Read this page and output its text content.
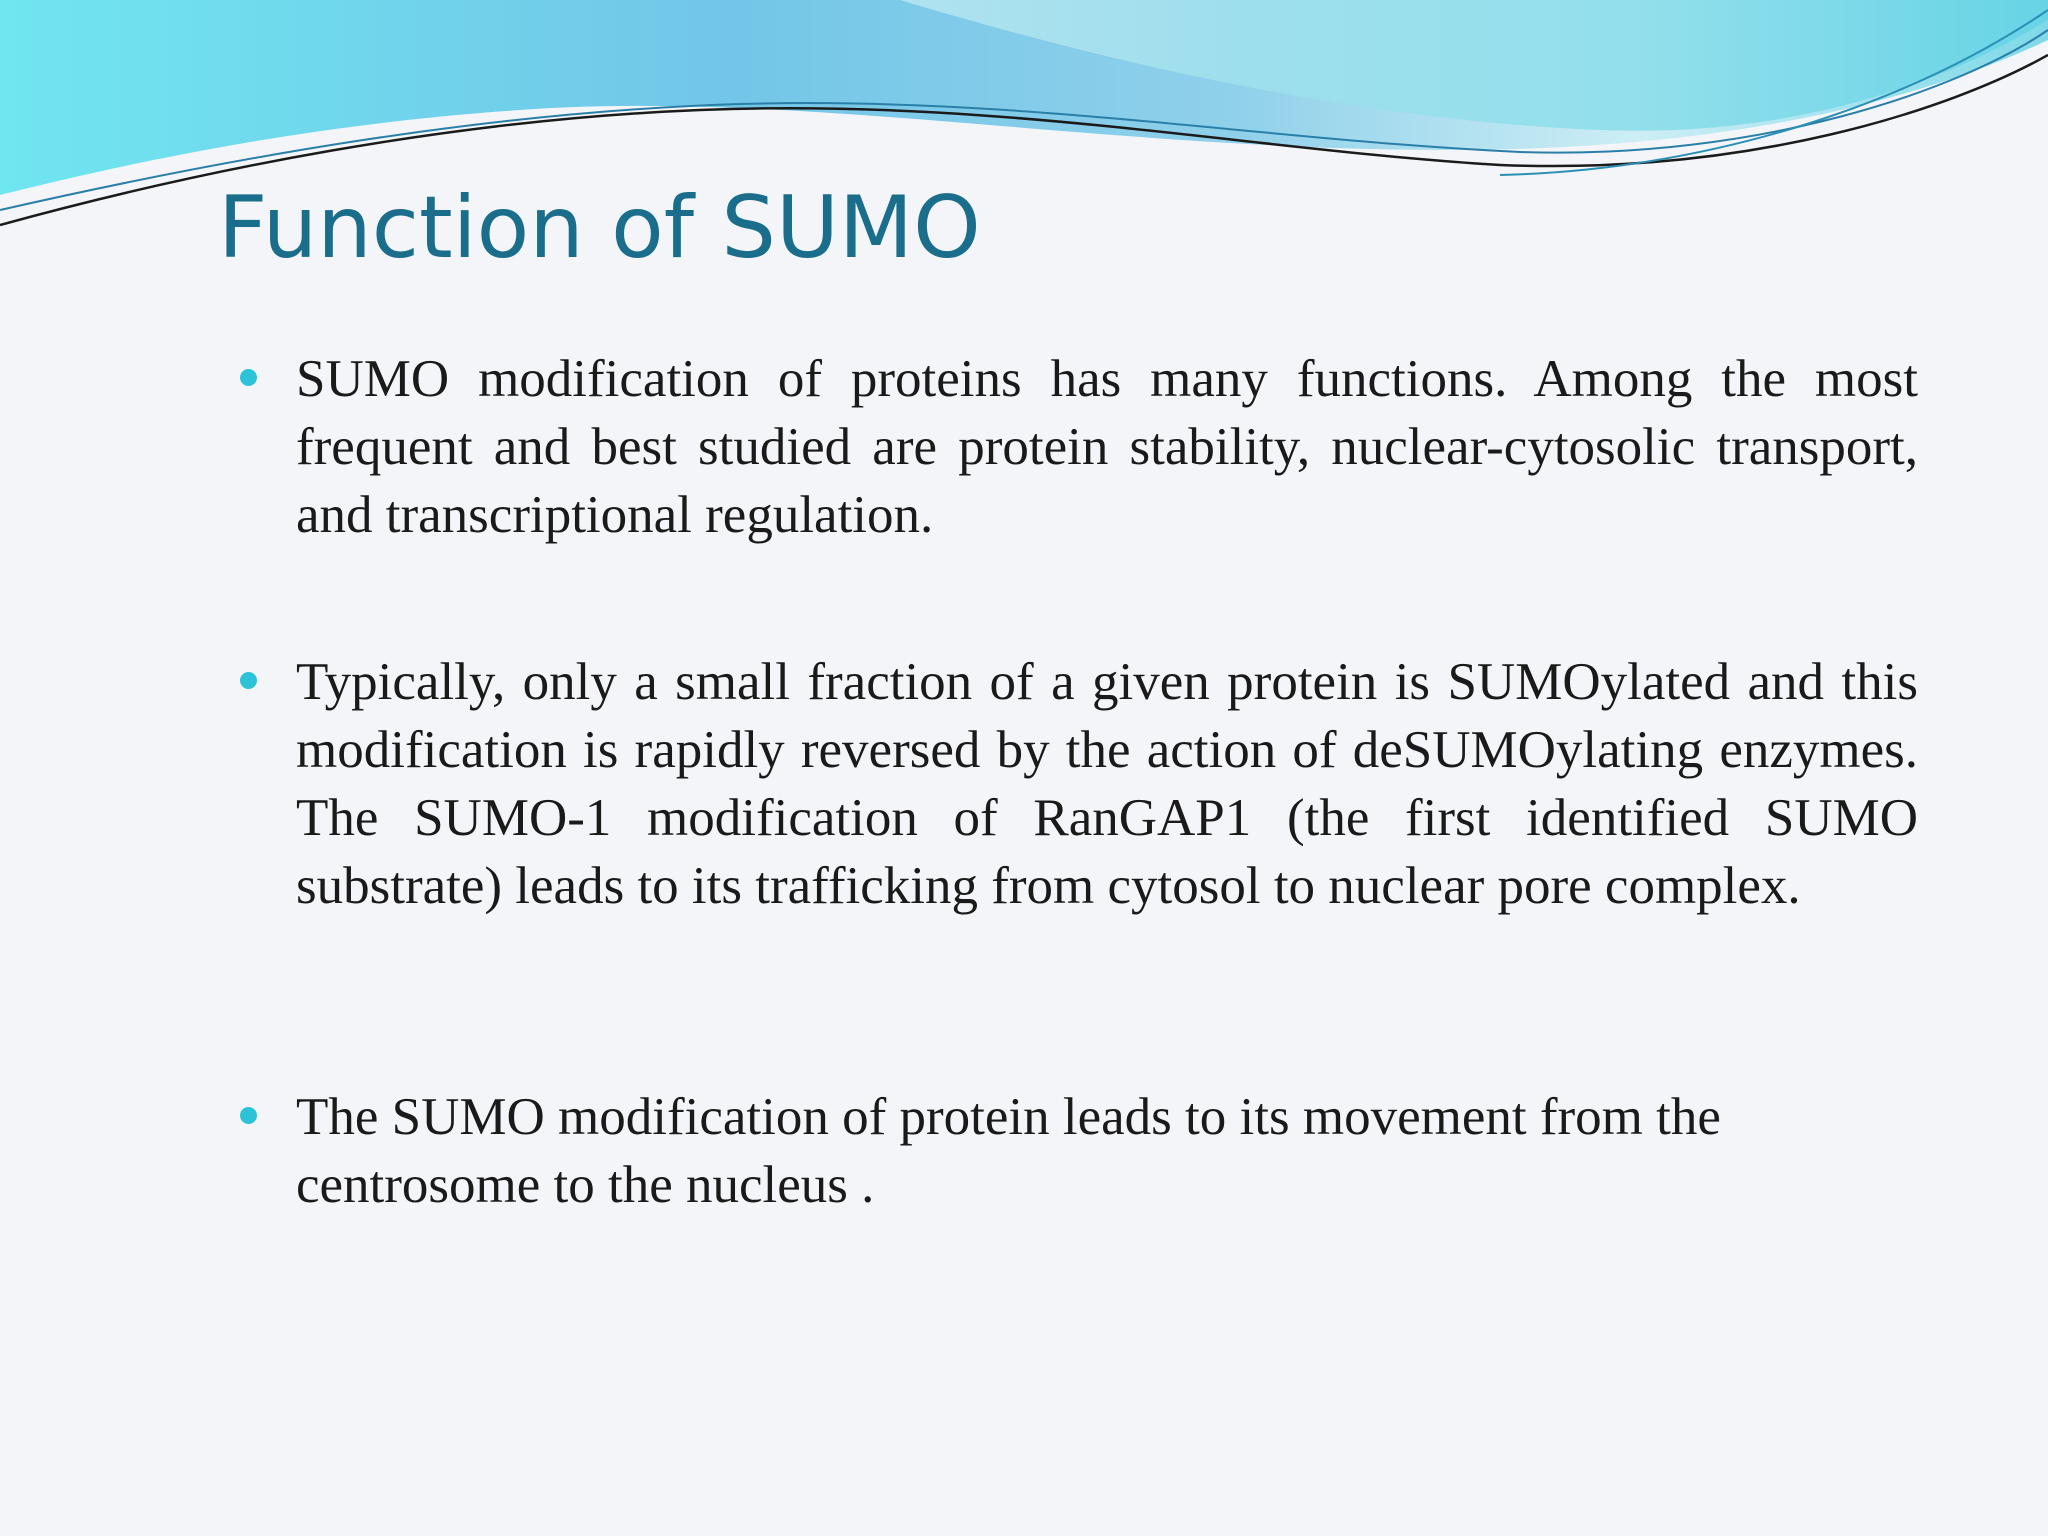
Function of SUMO
SUMO modification of proteins has many functions. Among the most frequent and best studied are protein stability, nuclear-cytosolic transport, and transcriptional regulation.
Typically, only a small fraction of a given protein is SUMOylated and this modification is rapidly reversed by the action of deSUMOylating enzymes. The SUMO-1 modification of RanGAP1 (the first identified SUMO substrate) leads to its trafficking from cytosol to nuclear pore complex.
The SUMO modification of protein leads to its movement from the centrosome to the nucleus .
